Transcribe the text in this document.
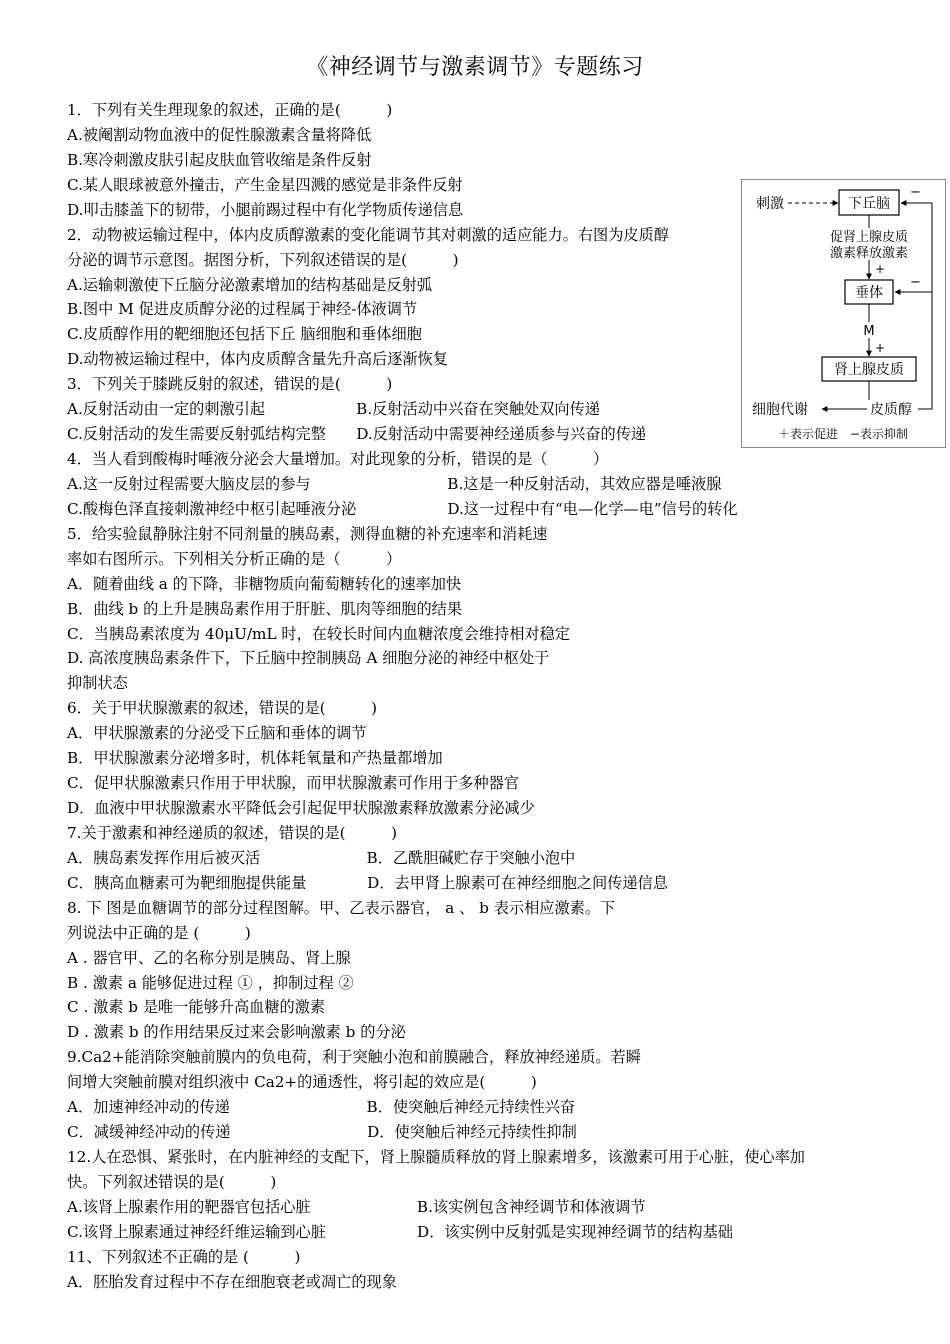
《神经调节与激素调节》专题练习
1．下列有关生理现象的叙述，正确的是(　　　)
A.被阉割动物血液中的促性腺激素含量将降低
B.寒冷刺激皮肤引起皮肤血管收缩是条件反射
C.某人眼球被意外撞击，产生金星四溅的感觉是非条件反射
D.叩击膝盖下的韧带，小腿前踢过程中有化学物质传递信息
2．动物被运输过程中，体内皮质醇激素的变化能调节其对刺激的适应能力。右图为皮质醇
分泌的调节示意图。据图分析，下列叙述错误的是(　　　)
A.运输刺激使下丘脑分泌激素增加的结构基础是反射弧
B.图中 M 促进皮质醇分泌的过程属于神经-体液调节
C.皮质醇作用的靶细胞还包括下丘 脑细胞和垂体细胞
D.动物被运输过程中，体内皮质醇含量先升高后逐渐恢复
3．下列关于膝跳反射的叙述，错误的是(　　　)
A.反射活动由一定的刺激引起　　　　　　B.反射活动中兴奋在突触处双向传递
C.反射活动的发生需要反射弧结构完整　　D.反射活动中需要神经递质参与兴奋的传递
4．当人看到酸梅时唾液分泌会大量增加。对此现象的分析，错误的是（　　　）
A.这一反射过程需要大脑皮层的参与　　　　　　　　　B.这是一种反射活动，其效应器是唾液腺
C.酸梅色泽直接刺激神经中枢引起唾液分泌　　　　　　D.这一过程中有“电—化学—电”信号的转化
5．给实验鼠静脉注射不同剂量的胰岛素，测得血糖的补充速率和消耗速
率如右图所示。下列相关分析正确的是（　　　）
A．随着曲线 a 的下降，非糖物质向葡萄糖转化的速率加快
B．曲线 b 的上升是胰岛素作用于肝脏、肌肉等细胞的结果
C．当胰岛素浓度为 40μU/mL 时，在较长时间内血糖浓度会维持相对稳定
D. 高浓度胰岛素条件下，下丘脑中控制胰岛 A 细胞分泌的神经中枢处于
抑制状态
6．关于甲状腺激素的叙述，错误的是(　　　)
A．甲状腺激素的分泌受下丘脑和垂体的调节
B．甲状腺激素分泌增多时，机体耗氧量和产热量都增加
C．促甲状腺激素只作用于甲状腺，而甲状腺激素可作用于多种器官
D．血液中甲状腺激素水平降低会引起促甲状腺激素释放激素分泌减少
7.关于激素和神经递质的叙述，错误的是(　　　)
A．胰岛素发挥作用后被灭活　　　　　　　B．乙酰胆碱贮存于突触小泡中
C．胰高血糖素可为靶细胞提供能量　　　　D．去甲肾上腺素可在神经细胞之间传递信息
8. 下 图是血糖调节的部分过程图解。甲、乙表示器官， a 、 b 表示相应激素。下
列说法中正确的是 (　　　)
A . 器官甲、乙的名称分别是胰岛、肾上腺
B . 激素 a 能够促进过程 ① ，抑制过程 ②
C . 激素 b 是唯一能够升高血糖的激素
D . 激素 b 的作用结果反过来会影响激素 b 的分泌
9.Ca2+能消除突触前膜内的负电荷，利于突触小泡和前膜融合，释放神经递质。若瞬
间增大突触前膜对组织液中 Ca2+的通透性，将引起的效应是(　　　)
A．加速神经冲动的传递　　　　　　　　　B．使突触后神经元持续性兴奋
C．减缓神经冲动的传递　　　　　　　　　D．使突触后神经元持续性抑制
12.人在恐惧、紧张时，在内脏神经的支配下，肾上腺髓质释放的肾上腺素增多，该激素可用于心脏，使心率加
快。下列叙述错误的是(　　　)
A.该肾上腺素作用的靶器官包括心脏　　　　　　　B.该实例包含神经调节和体液调节
C.该肾上腺素通过神经纤维运输到心脏　　　　　　D．该实例中反射弧是实现神经调节的结构基础
11、下列叙述不正确的是 (　　　)
A．胚胎发育过程中不存在细胞衰老或凋亡的现象
刺激	下丘脑
促肾上腺皮质
激素释放激素
+
垂体
M
+
肾上腺皮质
皮质醇
细胞代谢
−
−
＋表示促进　−表示抑制
